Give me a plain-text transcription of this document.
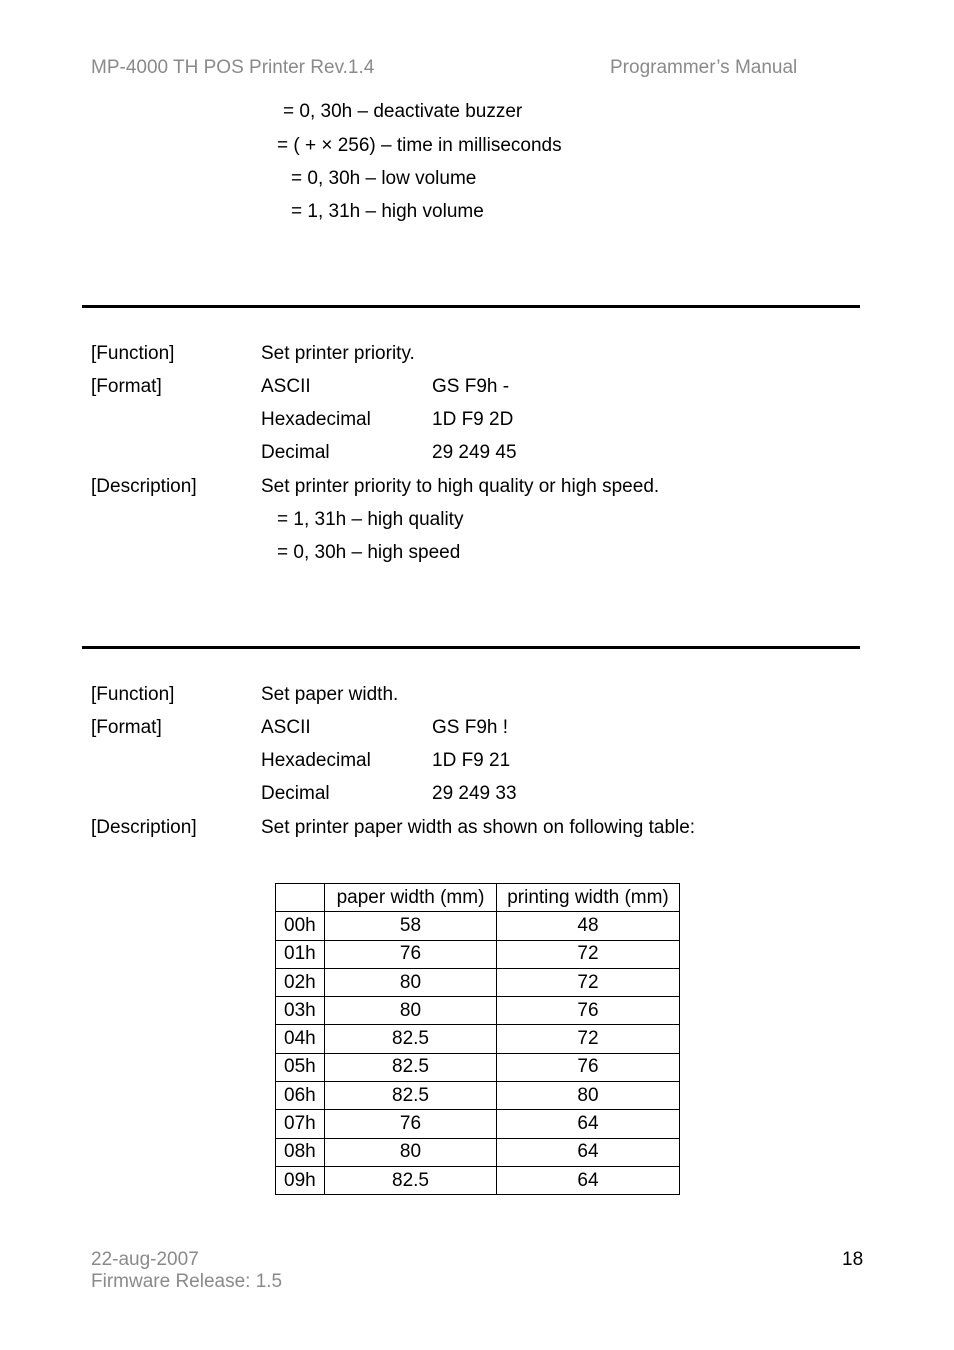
MP-4000 TH POS Printer Rev.1.4	Programmer’s Manual
= 0, 30h – deactivate buzzer
= ( + × 256) – time in milliseconds
= 0, 30h – low volume
= 1, 31h – high volume
[Function]	Set printer priority.
[Format]	ASCII	GS F9h -
Hexadecimal	1D F9 2D
Decimal	29 249 45
[Description]	Set printer priority to high quality or high speed.
= 1, 31h – high quality
= 0, 30h – high speed
[Function]	Set paper width.
[Format]	ASCII	GS F9h !
Hexadecimal	1D F9 21
Decimal	29 249 33
[Description]	Set printer paper width as shown on following table:
	paper width (mm)	printing width (mm)
00h	58	48
01h	76	72
02h	80	72
03h	80	76
04h	82.5	72
05h	82.5	76
06h	82.5	80
07h	76	64
08h	80	64
09h	82.5	64
22-aug-2007
Firmware Release: 1.5
18
